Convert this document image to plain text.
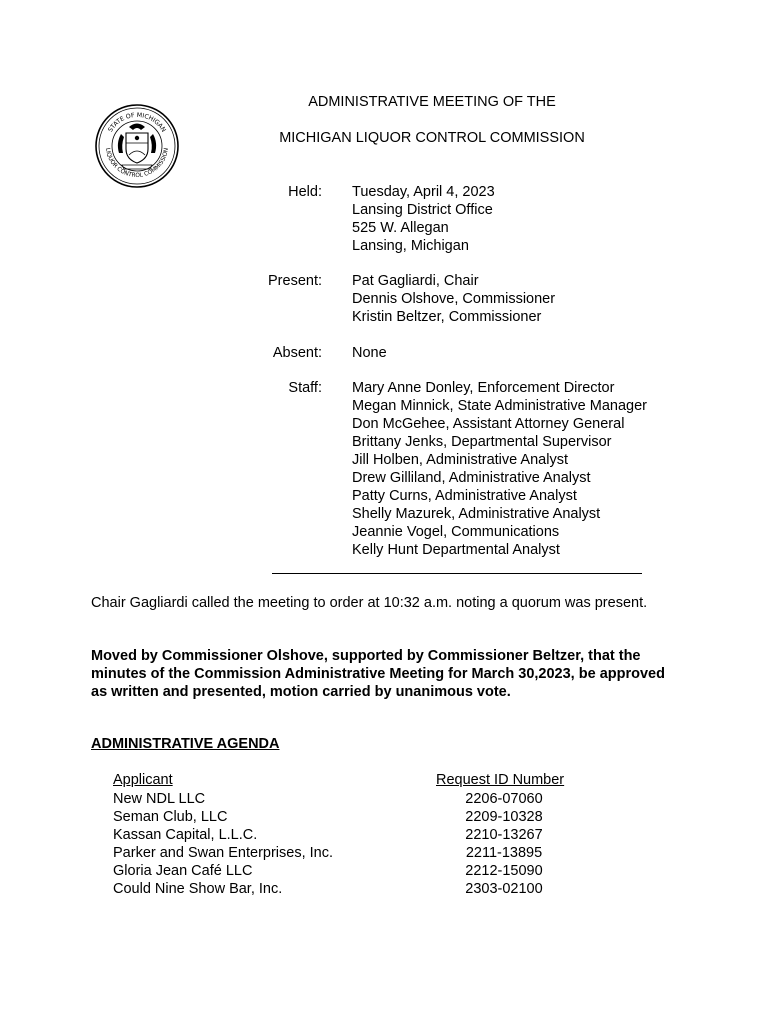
STATE OF MICHIGAN
LIQUOR CONTROL COMMISSION
ADMINISTRATIVE MEETING OF THE
MICHIGAN LIQUOR CONTROL COMMISSION
Held: Tuesday, April 4, 2023
Lansing District Office
525 W. Allegan
Lansing, Michigan
Present: Pat Gagliardi, Chair
Dennis Olshove, Commissioner
Kristin Beltzer, Commissioner
Absent: None
Staff: Mary Anne Donley, Enforcement Director
Megan Minnick, State Administrative Manager
Don McGehee, Assistant Attorney General
Brittany Jenks, Departmental Supervisor
Jill Holben, Administrative Analyst
Drew Gilliland, Administrative Analyst
Patty Curns, Administrative Analyst
Shelly Mazurek, Administrative Analyst
Jeannie Vogel, Communications
Kelly Hunt Departmental Analyst
Chair Gagliardi called the meeting to order at 10:32 a.m. noting a quorum was present.
Moved by Commissioner Olshove, supported by Commissioner Beltzer, that the
minutes of the Commission Administrative Meeting for March 30,2023, be approved
as written and presented, motion carried by unanimous vote.
ADMINISTRATIVE AGENDA
Applicant	Request ID Number
New NDL LLC	2206-07060
Seman Club, LLC	2209-10328
Kassan Capital, L.L.C.	2210-13267
Parker and Swan Enterprises, Inc.	2211-13895
Gloria Jean Café LLC	2212-15090
Could Nine Show Bar, Inc.	2303-02100
